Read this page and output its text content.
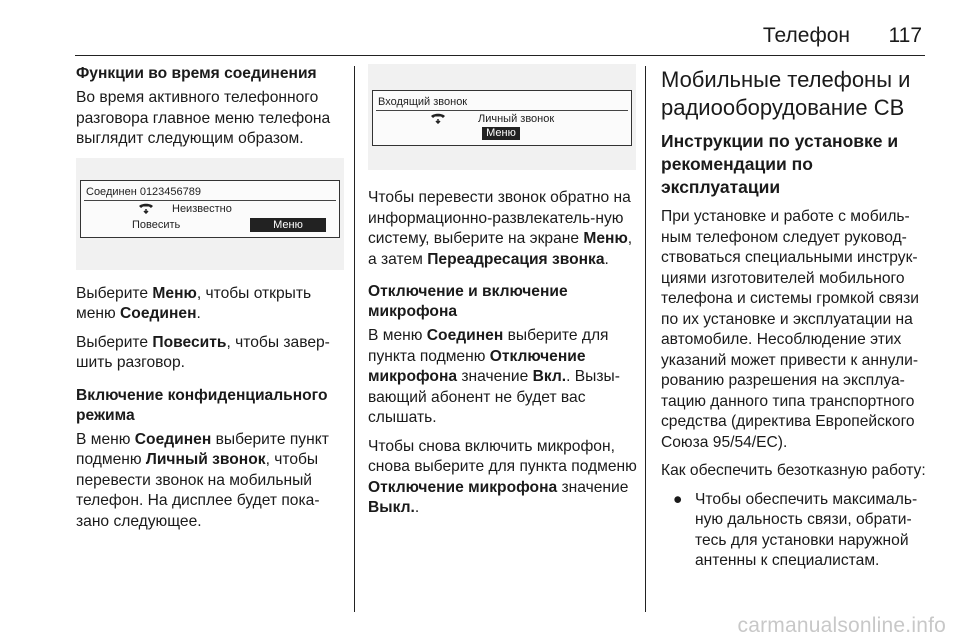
Телефон 117
Функции во время соединения

Во время активного телефонного разговора главное меню телефона выглядит следующим образом.

Соединен 0123456789
Неизвестно
Повесить	Меню

Выберите Меню, чтобы открыть меню Соединен.

Выберите Повесить, чтобы завер-шить разговор.

Включение конфиденциального режима

В меню Соединен выберите пункт подменю Личный звонок, чтобы перевести звонок на мобильный телефон. На дисплее будет пока-зано следующее.

Входящий звонок
Личный звонок
Меню

Чтобы перевести звонок обратно на информационно-развлекатель-ную систему, выберите на экране Меню, а затем Переадресация звонка.

Отключение и включение микрофона

В меню Соединен выберите для пункта подменю Отключение микрофона значение Вкл.. Вызы-вающий абонент не будет вас слышать.

Чтобы снова включить микрофон, снова выберите для пункта подменю Отключение микрофона значение Выкл..

Мобильные телефоны и радиооборудование СВ
Инструкции по установке и рекомендации по эксплуатации

При установке и работе с мобиль-ным телефоном следует руковод-ствоваться специальными инструк-циями изготовителей мобильного телефона и системы громкой связи по их установке и эксплуатации на автомобиле. Несоблюдение этих указаний может привести к аннули-рованию разрешения на эксплуа-тацию данного типа транспортного средства (директива Европейского Союза 95/54/ЕС).

Как обеспечить безотказную работу:

● Чтобы обеспечить максималь-ную дальность связи, обрати-тесь для установки наружной антенны к специалистам.
carmanualsonline.info
